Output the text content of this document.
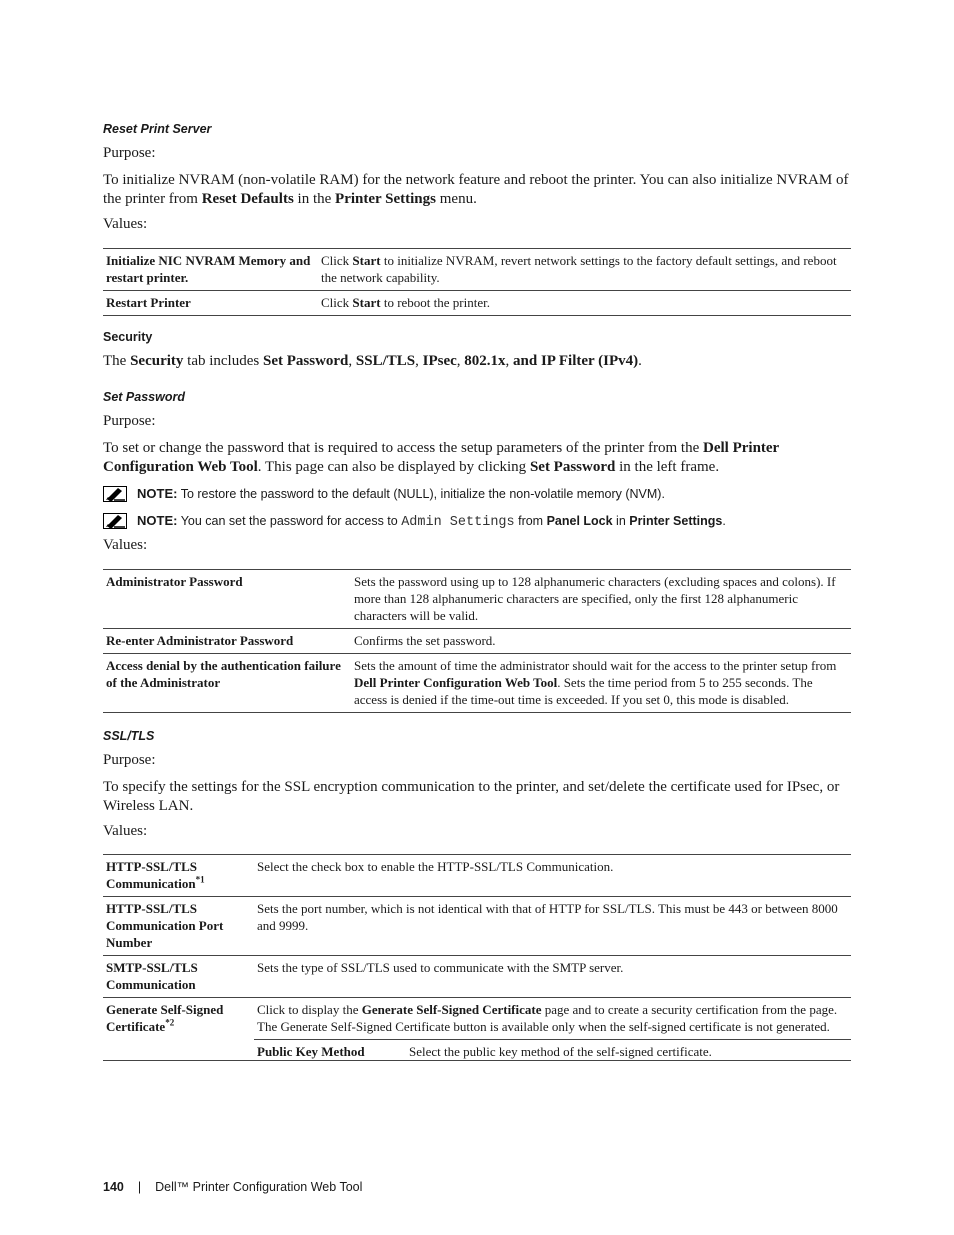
Reset Print Server

Purpose:

To initialize NVRAM (non-volatile RAM) for the network feature and reboot the printer. You can also initialize NVRAM of the printer from Reset Defaults in the Printer Settings menu.

Values:

Initialize NIC NVRAM Memory and restart printer.	Click Start to initialize NVRAM, revert network settings to the factory default settings, and reboot the network capability.
Restart Printer	Click Start to reboot the printer.
Security

The Security tab includes Set Password, SSL/TLS, IPsec, 802.1x, and IP Filter (IPv4).

Set Password

Purpose:

To set or change the password that is required to access the setup parameters of the printer from the Dell Printer Configuration Web Tool. This page can also be displayed by clicking Set Password in the left frame.

NOTE: To restore the password to the default (NULL), initialize the non-volatile memory (NVM).
NOTE: You can set the password for access to Admin Settings from Panel Lock in Printer Settings.

Values:

Administrator Password	Sets the password using up to 128 alphanumeric characters (excluding spaces and colons). If more than 128 alphanumeric characters are specified, only the first 128 alphanumeric characters will be valid.
Re-enter Administrator Password	Confirms the set password.
Access denial by the authentication failure of the Administrator	Sets the amount of time the administrator should wait for the access to the printer setup from Dell Printer Configuration Web Tool. Sets the time period from 5 to 255 seconds. The access is denied if the time-out time is exceeded. If you set 0, this mode is disabled.
SSL/TLS

Purpose:

To specify the settings for the SSL encryption communication to the printer, and set/delete the certificate used for IPsec, or Wireless LAN.

Values:

HTTP-SSL/TLS Communication$^{*1}$	Select the check box to enable the HTTP-SSL/TLS Communication.
HTTP-SSL/TLS Communication Port Number	Sets the port number, which is not identical with that of HTTP for SSL/TLS. This must be 443 or between 8000 and 9999.
SMTP-SSL/TLS Communication	Sets the type of SSL/TLS used to communicate with the SMTP server.
Generate Self-Signed Certificate$^{*2}$	Click to display the Generate Self-Signed Certificate page and to create a security certification from the page. The Generate Self-Signed Certificate button is available only when the self-signed certificate is not generated.
Public Key Method Select the public key method of the self-signed certificate.
140 | Dell™ Printer Configuration Web Tool
